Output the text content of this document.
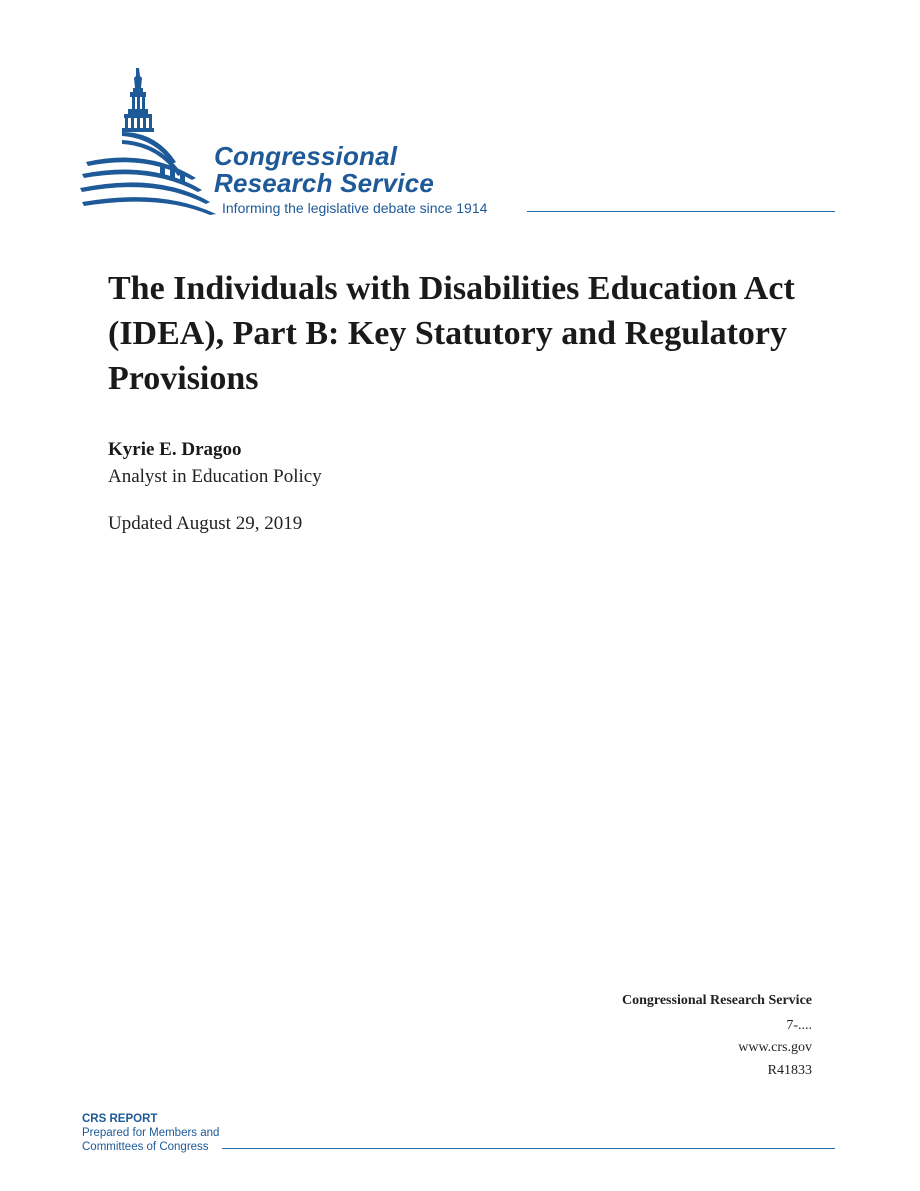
Congressional
Research Service
Informing the legislative debate since 1914
The Individuals with Disabilities Education Act (IDEA), Part B: Key Statutory and Regulatory Provisions
Kyrie E. Dragoo
Analyst in Education Policy
Updated August 29, 2019
Congressional Research Service
7-....
www.crs.gov
R41833
CRS REPORT
Prepared for Members and
Committees of Congress
